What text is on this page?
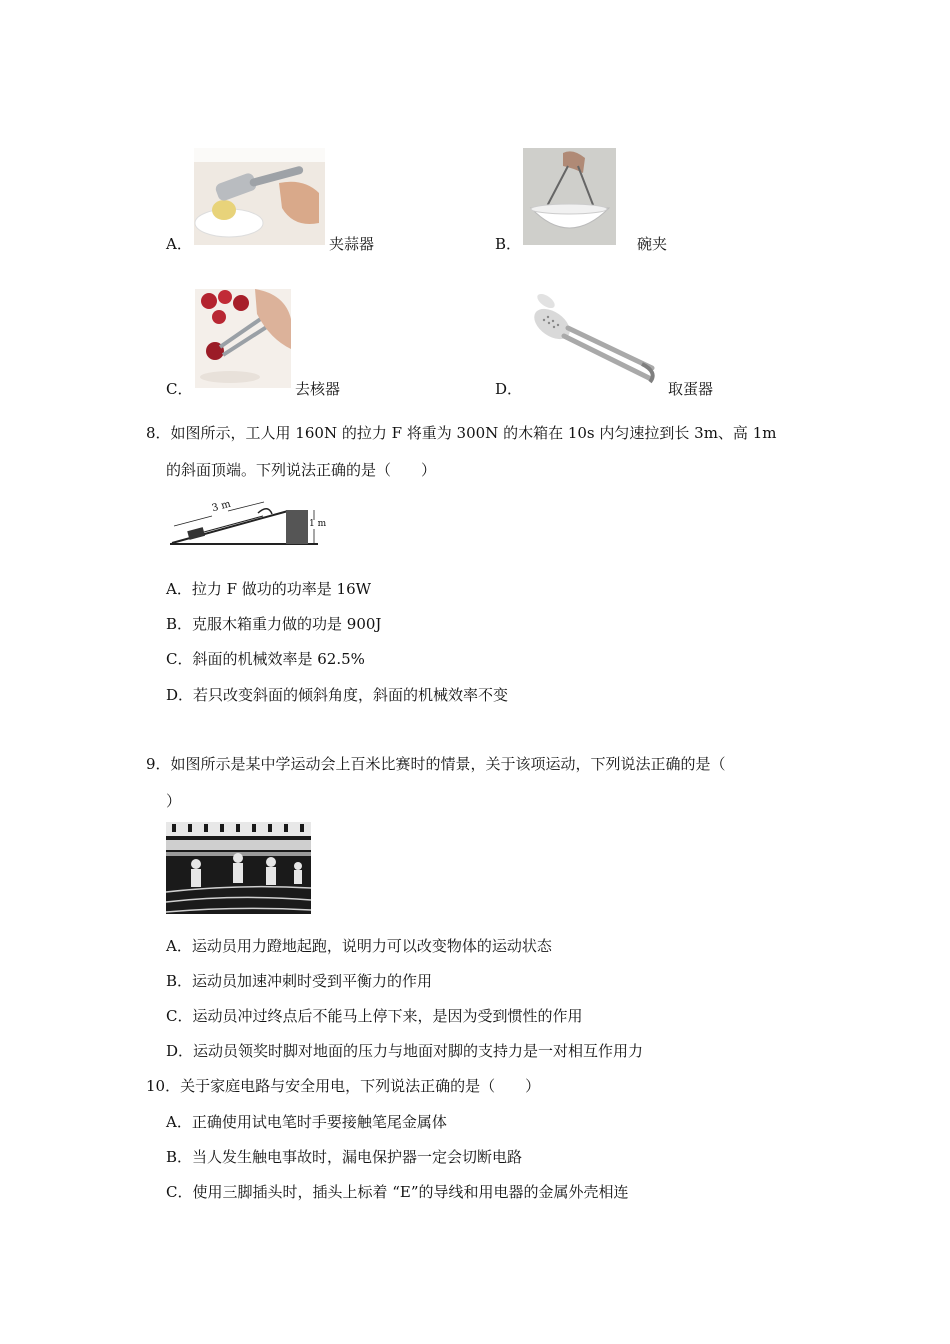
A．	夹蒜器	B．	碗夹
C．	去核器	D．	取蛋器
8．如图所示，工人用 160N 的拉力 F 将重为 300N 的木箱在 10s 内匀速拉到长 3m、高 1m
的斜面顶端。下列说法正确的是（　　）
3 m
1 m
A．拉力 F 做功的功率是 16W
B．克服木箱重力做的功是 900J
C．斜面的机械效率是 62.5%
D．若只改变斜面的倾斜角度，斜面的机械效率不变
9．如图所示是某中学运动会上百米比赛时的情景，关于该项运动，下列说法正确的是（
）
A．运动员用力蹬地起跑，说明力可以改变物体的运动状态
B．运动员加速冲刺时受到平衡力的作用
C．运动员冲过终点后不能马上停下来，是因为受到惯性的作用
D．运动员领奖时脚对地面的压力与地面对脚的支持力是一对相互作用力
10．关于家庭电路与安全用电，下列说法正确的是（　　）
A．正确使用试电笔时手要接触笔尾金属体
B．当人发生触电事故时，漏电保护器一定会切断电路
C．使用三脚插头时，插头上标着 “E”的导线和用电器的金属外壳相连
